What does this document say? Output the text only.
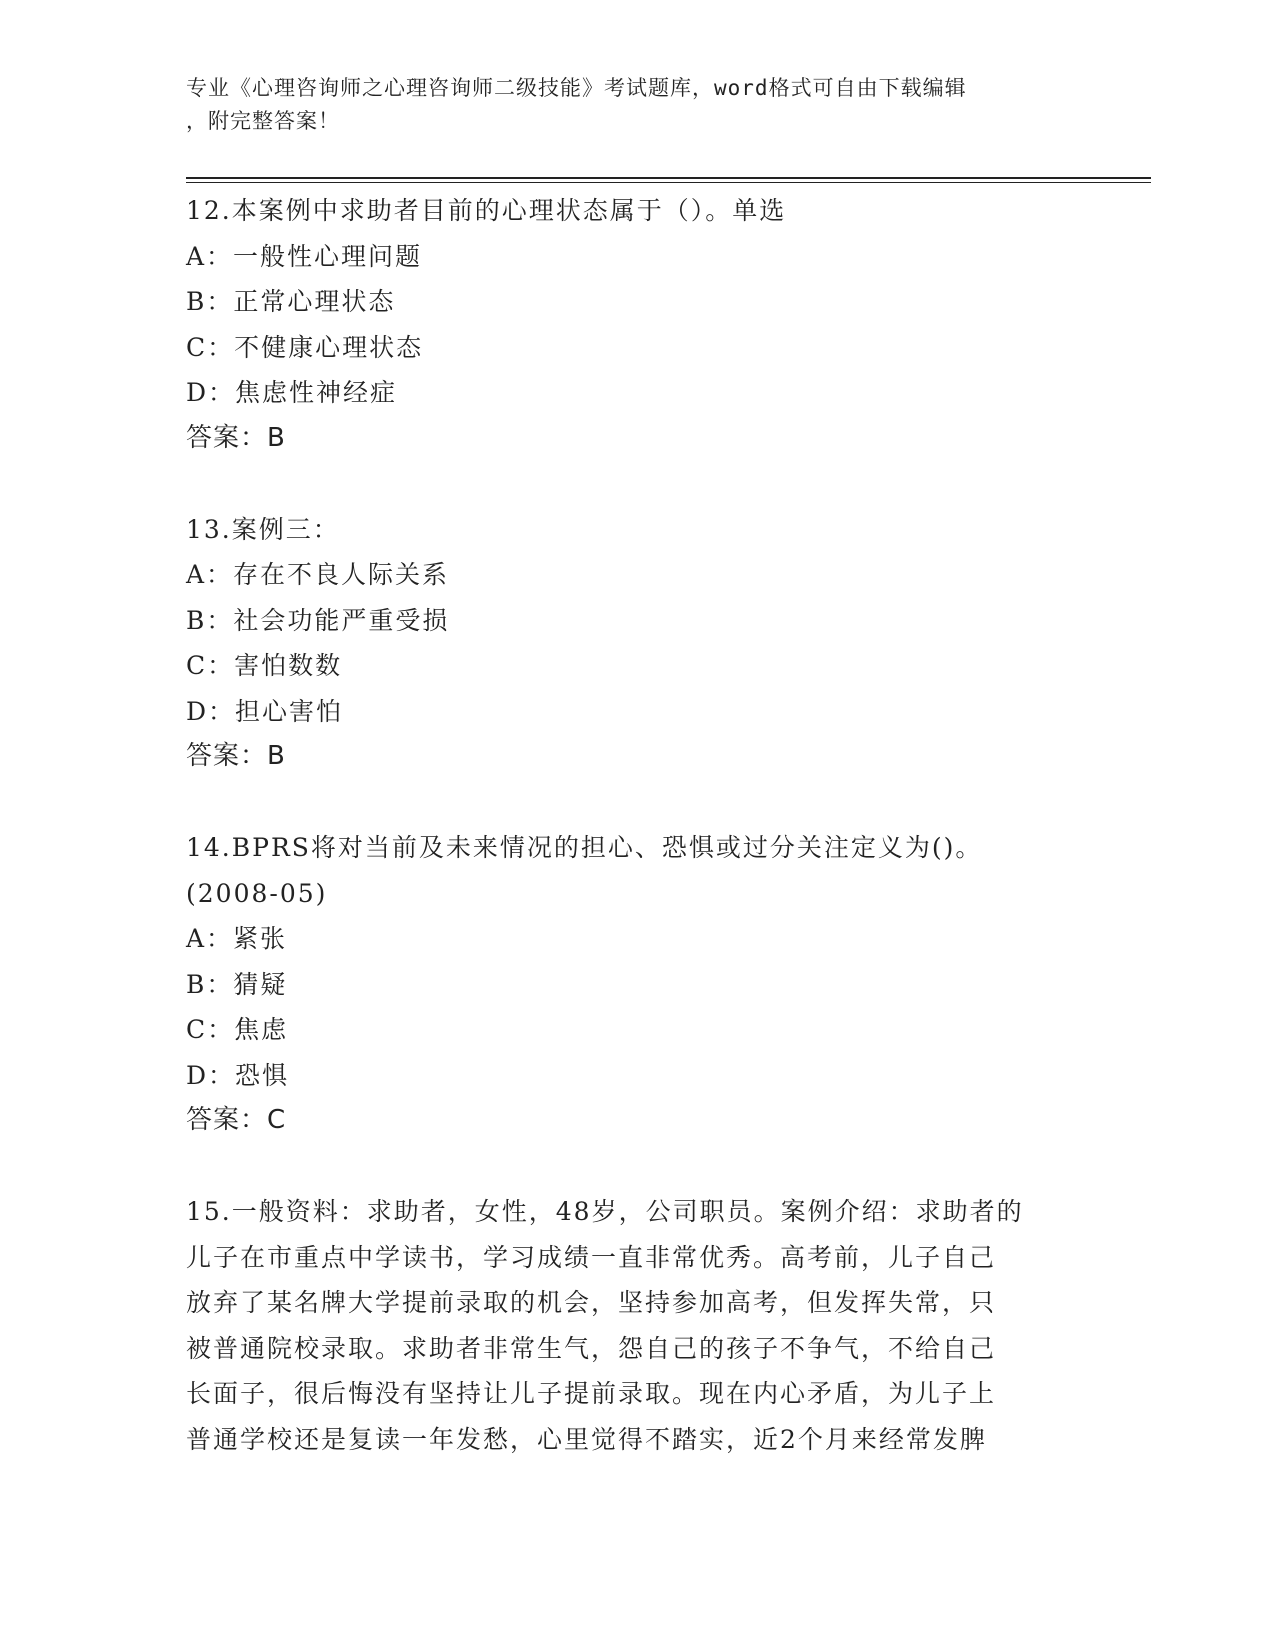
专业《心理咨询师之心理咨询师二级技能》考试题库，word格式可自由下载编辑
，附完整答案！
12.本案例中求助者目前的心理状态属于（）。单选
A：一般性心理问题
B：正常心理状态
C：不健康心理状态
D：焦虑性神经症
答案：B
13.案例三：
A：存在不良人际关系
B：社会功能严重受损
C：害怕数数
D：担心害怕
答案：B
14.BPRS将对当前及未来情况的担心、恐惧或过分关注定义为()。
(2008-05)
A：紧张
B：猜疑
C：焦虑
D：恐惧
答案：C
15.一般资料：求助者，女性，48岁，公司职员。案例介绍：求助者的
儿子在市重点中学读书，学习成绩一直非常优秀。高考前，儿子自己
放弃了某名牌大学提前录取的机会，坚持参加高考，但发挥失常，只
被普通院校录取。求助者非常生气，怨自己的孩子不争气，不给自己
长面子，很后悔没有坚持让儿子提前录取。现在内心矛盾，为儿子上
普通学校还是复读一年发愁，心里觉得不踏实，近2个月来经常发脾
